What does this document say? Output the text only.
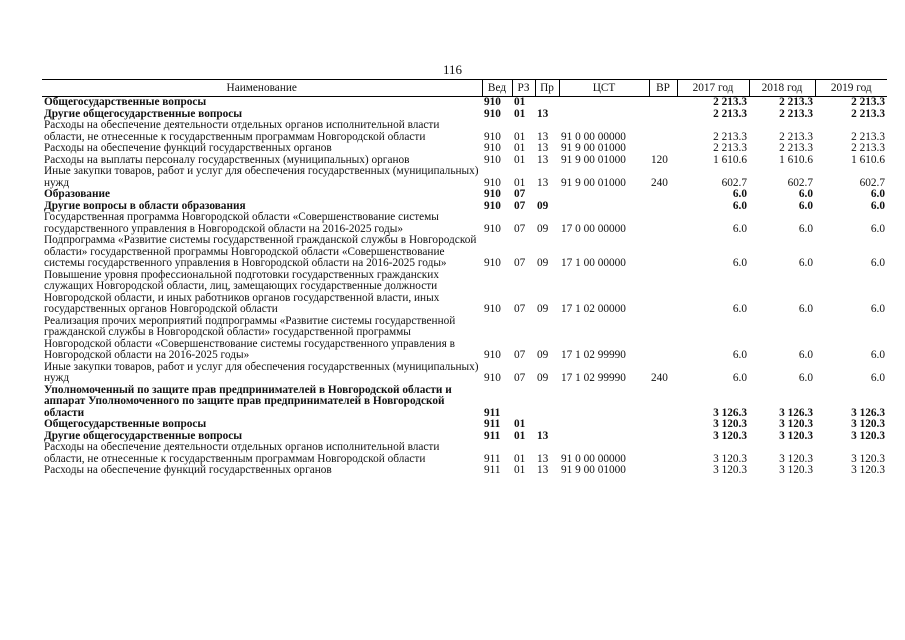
116
Наименование	Вед	РЗ	Пр	ЦСТ	ВР	2017 год	2018 год	2019 год
Общегосударственные вопросы	910	01				2 213.3	2 213.3	2 213.3
Другие общегосударственные вопросы	910	01	13			2 213.3	2 213.3	2 213.3
Расходы на обеспечение деятельности отдельных органов исполнительной власти области, не отнесенные к государственным программам Новгородской области	910	01	13	91 0 00 00000		2 213.3	2 213.3	2 213.3
Расходы на обеспечение функций государственных органов	910	01	13	91 9 00 01000		2 213.3	2 213.3	2 213.3
Расходы на выплаты персоналу государственных (муниципальных) органов	910	01	13	91 9 00 01000	120	1 610.6	1 610.6	1 610.6
Иные закупки товаров, работ и услуг для обеспечения государственных (муниципальных) нужд	910	01	13	91 9 00 01000	240	602.7	602.7	602.7
Образование	910	07				6.0	6.0	6.0
Другие вопросы в области образования	910	07	09			6.0	6.0	6.0
Государственная программа Новгородской области «Совершенствование системы государственного управления в Новгородской области на 2016-2025 годы»	910	07	09	17 0 00 00000		6.0	6.0	6.0
Подпрограмма «Развитие системы государственной гражданской службы в Новгородской области» государственной программы Новгородской области «Совершенствование системы государственного управления в Новгородской области на 2016-2025 годы»	910	07	09	17 1 00 00000		6.0	6.0	6.0
Повышение уровня профессиональной подготовки государственных гражданских служащих Новгородской области, лиц, замещающих государственные должности Новгородской области, и иных работников органов государственной власти, иных государственных органов Новгородской области	910	07	09	17 1 02 00000		6.0	6.0	6.0
Реализация прочих мероприятий подпрограммы «Развитие системы государственной гражданской службы в Новгородской области» государственной программы Новгородской области «Совершенствование системы государственного управления в Новгородской области на 2016-2025 годы»	910	07	09	17 1 02 99990		6.0	6.0	6.0
Иные закупки товаров, работ и услуг для обеспечения государственных (муниципальных) нужд	910	07	09	17 1 02 99990	240	6.0	6.0	6.0
Уполномоченный по защите прав предпринимателей в Новгородской области и аппарат Уполномоченного по защите прав предпринимателей в Новгородской области	911					3 126.3	3 126.3	3 126.3
Общегосударственные вопросы	911	01				3 120.3	3 120.3	3 120.3
Другие общегосударственные вопросы	911	01	13			3 120.3	3 120.3	3 120.3
Расходы на обеспечение деятельности отдельных органов исполнительной власти области, не отнесенные к государственным программам Новгородской области	911	01	13	91 0 00 00000		3 120.3	3 120.3	3 120.3
Расходы на обеспечение функций государственных органов	911	01	13	91 9 00 01000		3 120.3	3 120.3	3 120.3
